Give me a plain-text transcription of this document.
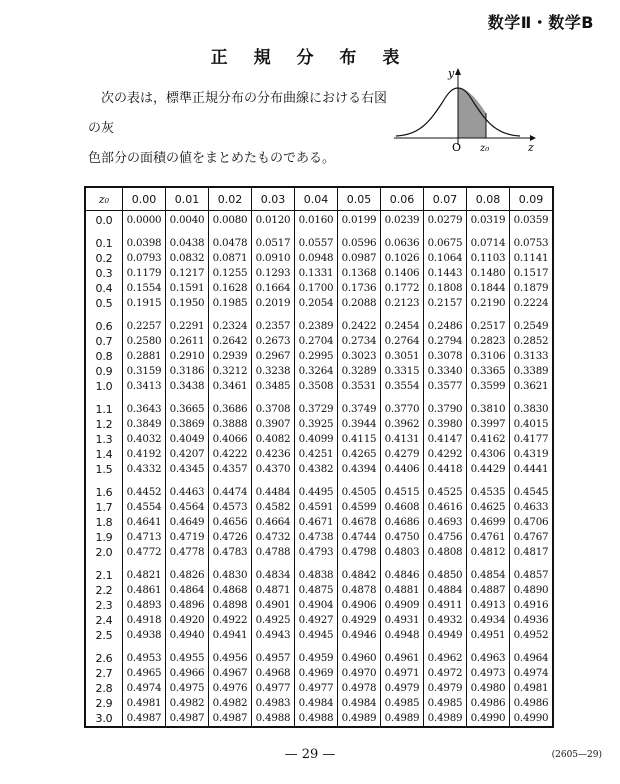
数学Ⅱ・数学B
正 規 分 布 表

次の表は，標準正規分布の分布曲線における右図の灰

色部分の面積の値をまとめたものである。
y
O z₀	z
z₀	0.00	0.01	0.02	0.03	0.04	0.05	0.06	0.07	0.08	0.09
0.0	0.0000	0.0040	0.0080	0.0120	0.0160	0.0199	0.0239	0.0279	0.0319	0.0359
0.1	0.0398	0.0438	0.0478	0.0517	0.0557	0.0596	0.0636	0.0675	0.0714	0.0753
0.2	0.0793	0.0832	0.0871	0.0910	0.0948	0.0987	0.1026	0.1064	0.1103	0.1141
0.3	0.1179	0.1217	0.1255	0.1293	0.1331	0.1368	0.1406	0.1443	0.1480	0.1517
0.4	0.1554	0.1591	0.1628	0.1664	0.1700	0.1736	0.1772	0.1808	0.1844	0.1879
0.5	0.1915	0.1950	0.1985	0.2019	0.2054	0.2088	0.2123	0.2157	0.2190	0.2224
0.6	0.2257	0.2291	0.2324	0.2357	0.2389	0.2422	0.2454	0.2486	0.2517	0.2549
0.7	0.2580	0.2611	0.2642	0.2673	0.2704	0.2734	0.2764	0.2794	0.2823	0.2852
0.8	0.2881	0.2910	0.2939	0.2967	0.2995	0.3023	0.3051	0.3078	0.3106	0.3133
0.9	0.3159	0.3186	0.3212	0.3238	0.3264	0.3289	0.3315	0.3340	0.3365	0.3389
1.0	0.3413	0.3438	0.3461	0.3485	0.3508	0.3531	0.3554	0.3577	0.3599	0.3621
1.1	0.3643	0.3665	0.3686	0.3708	0.3729	0.3749	0.3770	0.3790	0.3810	0.3830
1.2	0.3849	0.3869	0.3888	0.3907	0.3925	0.3944	0.3962	0.3980	0.3997	0.4015
1.3	0.4032	0.4049	0.4066	0.4082	0.4099	0.4115	0.4131	0.4147	0.4162	0.4177
1.4	0.4192	0.4207	0.4222	0.4236	0.4251	0.4265	0.4279	0.4292	0.4306	0.4319
1.5	0.4332	0.4345	0.4357	0.4370	0.4382	0.4394	0.4406	0.4418	0.4429	0.4441
1.6	0.4452	0.4463	0.4474	0.4484	0.4495	0.4505	0.4515	0.4525	0.4535	0.4545
1.7	0.4554	0.4564	0.4573	0.4582	0.4591	0.4599	0.4608	0.4616	0.4625	0.4633
1.8	0.4641	0.4649	0.4656	0.4664	0.4671	0.4678	0.4686	0.4693	0.4699	0.4706
1.9	0.4713	0.4719	0.4726	0.4732	0.4738	0.4744	0.4750	0.4756	0.4761	0.4767
2.0	0.4772	0.4778	0.4783	0.4788	0.4793	0.4798	0.4803	0.4808	0.4812	0.4817
2.1	0.4821	0.4826	0.4830	0.4834	0.4838	0.4842	0.4846	0.4850	0.4854	0.4857
2.2	0.4861	0.4864	0.4868	0.4871	0.4875	0.4878	0.4881	0.4884	0.4887	0.4890
2.3	0.4893	0.4896	0.4898	0.4901	0.4904	0.4906	0.4909	0.4911	0.4913	0.4916
2.4	0.4918	0.4920	0.4922	0.4925	0.4927	0.4929	0.4931	0.4932	0.4934	0.4936
2.5	0.4938	0.4940	0.4941	0.4943	0.4945	0.4946	0.4948	0.4949	0.4951	0.4952
2.6	0.4953	0.4955	0.4956	0.4957	0.4959	0.4960	0.4961	0.4962	0.4963	0.4964
2.7	0.4965	0.4966	0.4967	0.4968	0.4969	0.4970	0.4971	0.4972	0.4973	0.4974
2.8	0.4974	0.4975	0.4976	0.4977	0.4977	0.4978	0.4979	0.4979	0.4980	0.4981
2.9	0.4981	0.4982	0.4982	0.4983	0.4984	0.4984	0.4985	0.4985	0.4986	0.4986
3.0	0.4987	0.4987	0.4987	0.4988	0.4988	0.4989	0.4989	0.4989	0.4990	0.4990
— 29 —	(2605—29)
